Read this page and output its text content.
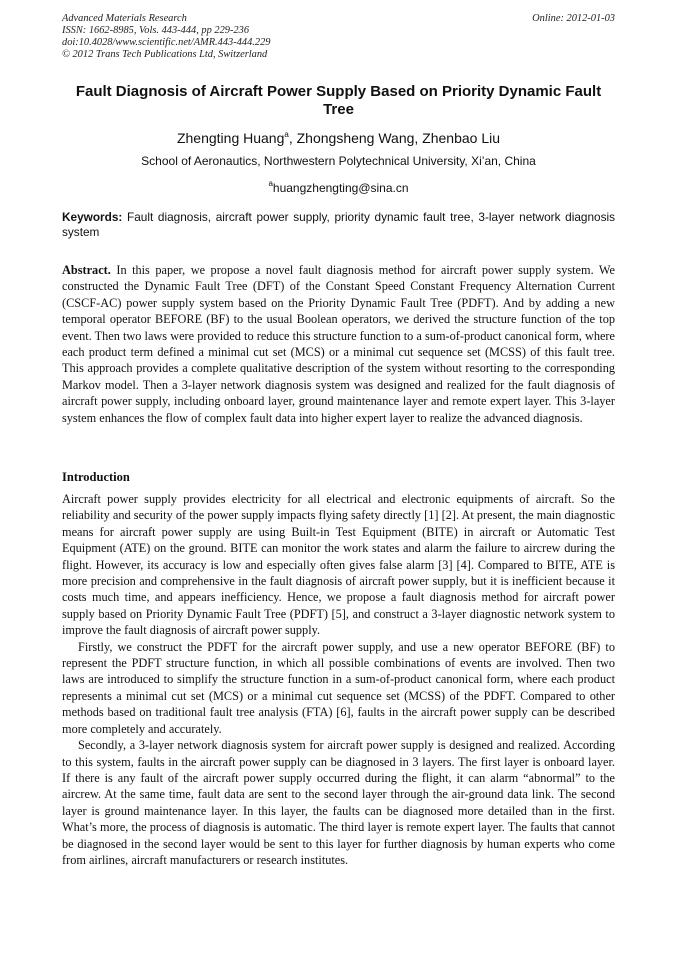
Advanced Materials Research
ISSN: 1662-8985, Vols. 443-444, pp 229-236
doi:10.4028/www.scientific.net/AMR.443-444.229
© 2012 Trans Tech Publications Ltd, Switzerland
Online: 2012-01-03
Fault Diagnosis of Aircraft Power Supply Based on Priority Dynamic Fault Tree
Zhengting Huang$^a$, Zhongsheng Wang, Zhenbao Liu
School of Aeronautics, Northwestern Polytechnical University, Xi’an, China
$^a$huangzhengting@sina.cn
Keywords: Fault diagnosis, aircraft power supply, priority dynamic fault tree, 3-layer network diagnosis system
Abstract. In this paper, we propose a novel fault diagnosis method for aircraft power supply system. We constructed the Dynamic Fault Tree (DFT) of the Constant Speed Constant Frequency Alternation Current (CSCF-AC) power supply system based on the Priority Dynamic Fault Tree (PDFT). And by adding a new temporal operator BEFORE (BF) to the usual Boolean operators, we derived the structure function of the top event. Then two laws were provided to reduce this structure function to a sum-of-product canonical form, where each product term defined a minimal cut set (MCS) or a minimal cut sequence set (MCSS) of this fault tree. This approach provides a complete qualitative description of the system without resorting to the corresponding Markov model. Then a 3-layer network diagnosis system was designed and realized for the fault diagnosis of aircraft power supply, including onboard layer, ground maintenance layer and remote expert layer. This 3-layer system enhances the flow of complex fault data into higher expert layer to realize the advanced diagnosis.
Introduction

Aircraft power supply provides electricity for all electrical and electronic equipments of aircraft. So the reliability and security of the power supply impacts flying safety directly [1] [2]. At present, the main diagnostic means for aircraft power supply are using Built-in Test Equipment (BITE) in aircraft or Automatic Test Equipment (ATE) on the ground. BITE can monitor the work states and alarm the failure to aircrew during the flight. However, its accuracy is low and especially often gives false alarm [3] [4]. Compared to BITE, ATE is more precision and comprehensive in the fault diagnosis of aircraft power supply, but it is inefficient because it costs much time, and appears inefficiency. Hence, we propose a fault diagnosis method for aircraft power supply based on Priority Dynamic Fault Tree (PDFT) [5], and construct a 3-layer diagnostic network system to improve the fault diagnosis of aircraft power supply.

Firstly, we construct the PDFT for the aircraft power supply, and use a new operator BEFORE (BF) to represent the PDFT structure function, in which all possible combinations of events are involved. Then two laws are introduced to simplify the structure function in a sum-of-product canonical form, where each product represents a minimal cut set (MCS) or a minimal cut sequence set (MCSS) of the PDFT. Compared to other methods based on traditional fault tree analysis (FTA) [6], faults in the aircraft power supply can be described more completely and accurately.

Secondly, a 3-layer network diagnosis system for aircraft power supply is designed and realized. According to this system, faults in the aircraft power supply can be diagnosed in 3 layers. The first layer is onboard layer. If there is any fault of the aircraft power supply occurred during the flight, it can alarm “abnormal” to the aircrew. At the same time, fault data are sent to the second layer through the air-ground data link. The second layer is ground maintenance layer. In this layer, the faults can be diagnosed more detailed than in the first. What’s more, the process of diagnosis is automatic. The third layer is remote expert layer. The faults that cannot be diagnosed in the second layer would be sent to this layer for further diagnosis by human experts who come from airlines, aircraft manufacturers or research institutes.
